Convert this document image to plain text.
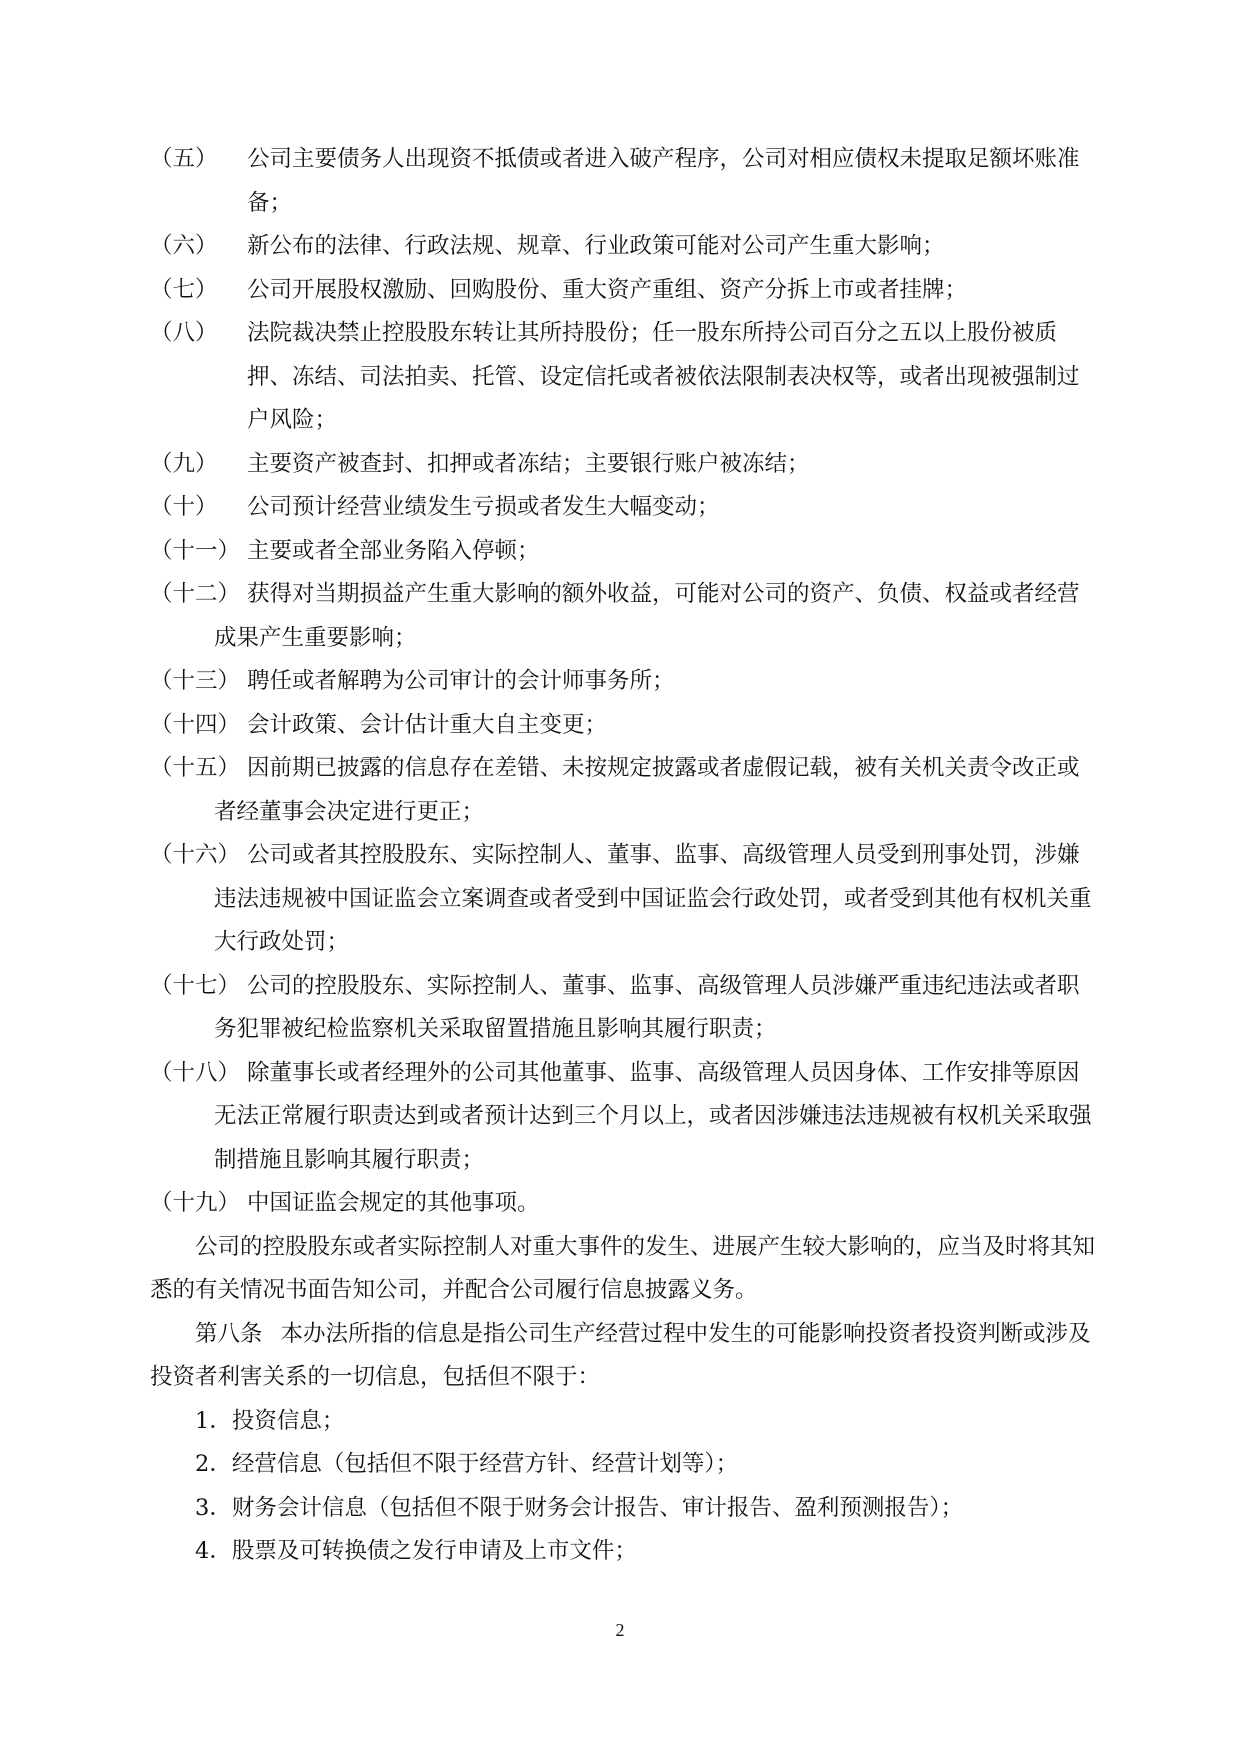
（五）	公司主要债务人出现资不抵债或者进入破产程序，公司对相应债权未提取足额坏账准备；
（六）	新公布的法律、行政法规、规章、行业政策可能对公司产生重大影响；
（七）	公司开展股权激励、回购股份、重大资产重组、资产分拆上市或者挂牌；
（八）	法院裁决禁止控股股东转让其所持股份；任一股东所持公司百分之五以上股份被质押、冻结、司法拍卖、托管、设定信托或者被依法限制表决权等，或者出现被强制过户风险；
（九）	主要资产被查封、扣押或者冻结；主要银行账户被冻结；
（十）	公司预计经营业绩发生亏损或者发生大幅变动；
（十一） 主要或者全部业务陷入停顿；
（十二） 获得对当期损益产生重大影响的额外收益，可能对公司的资产、负债、权益或者经营成果产生重要影响；
（十三） 聘任或者解聘为公司审计的会计师事务所；
（十四） 会计政策、会计估计重大自主变更；
（十五） 因前期已披露的信息存在差错、未按规定披露或者虚假记载，被有关机关责令改正或者经董事会决定进行更正；
（十六） 公司或者其控股股东、实际控制人、董事、监事、高级管理人员受到刑事处罚，涉嫌违法违规被中国证监会立案调查或者受到中国证监会行政处罚，或者受到其他有权机关重大行政处罚；
（十七） 公司的控股股东、实际控制人、董事、监事、高级管理人员涉嫌严重违纪违法或者职务犯罪被纪检监察机关采取留置措施且影响其履行职责；
（十八） 除董事长或者经理外的公司其他董事、监事、高级管理人员因身体、工作安排等原因无法正常履行职责达到或者预计达到三个月以上，或者因涉嫌违法违规被有权机关采取强制措施且影响其履行职责；
（十九） 中国证监会规定的其他事项。
公司的控股股东或者实际控制人对重大事件的发生、进展产生较大影响的，应当及时将其知悉的有关情况书面告知公司，并配合公司履行信息披露义务。
第八条 本办法所指的信息是指公司生产经营过程中发生的可能影响投资者投资判断或涉及投资者利害关系的一切信息，包括但不限于：
1．投资信息；
2．经营信息（包括但不限于经营方针、经营计划等）；
3．财务会计信息（包括但不限于财务会计报告、审计报告、盈利预测报告）；
4．股票及可转换债之发行申请及上市文件；
2
